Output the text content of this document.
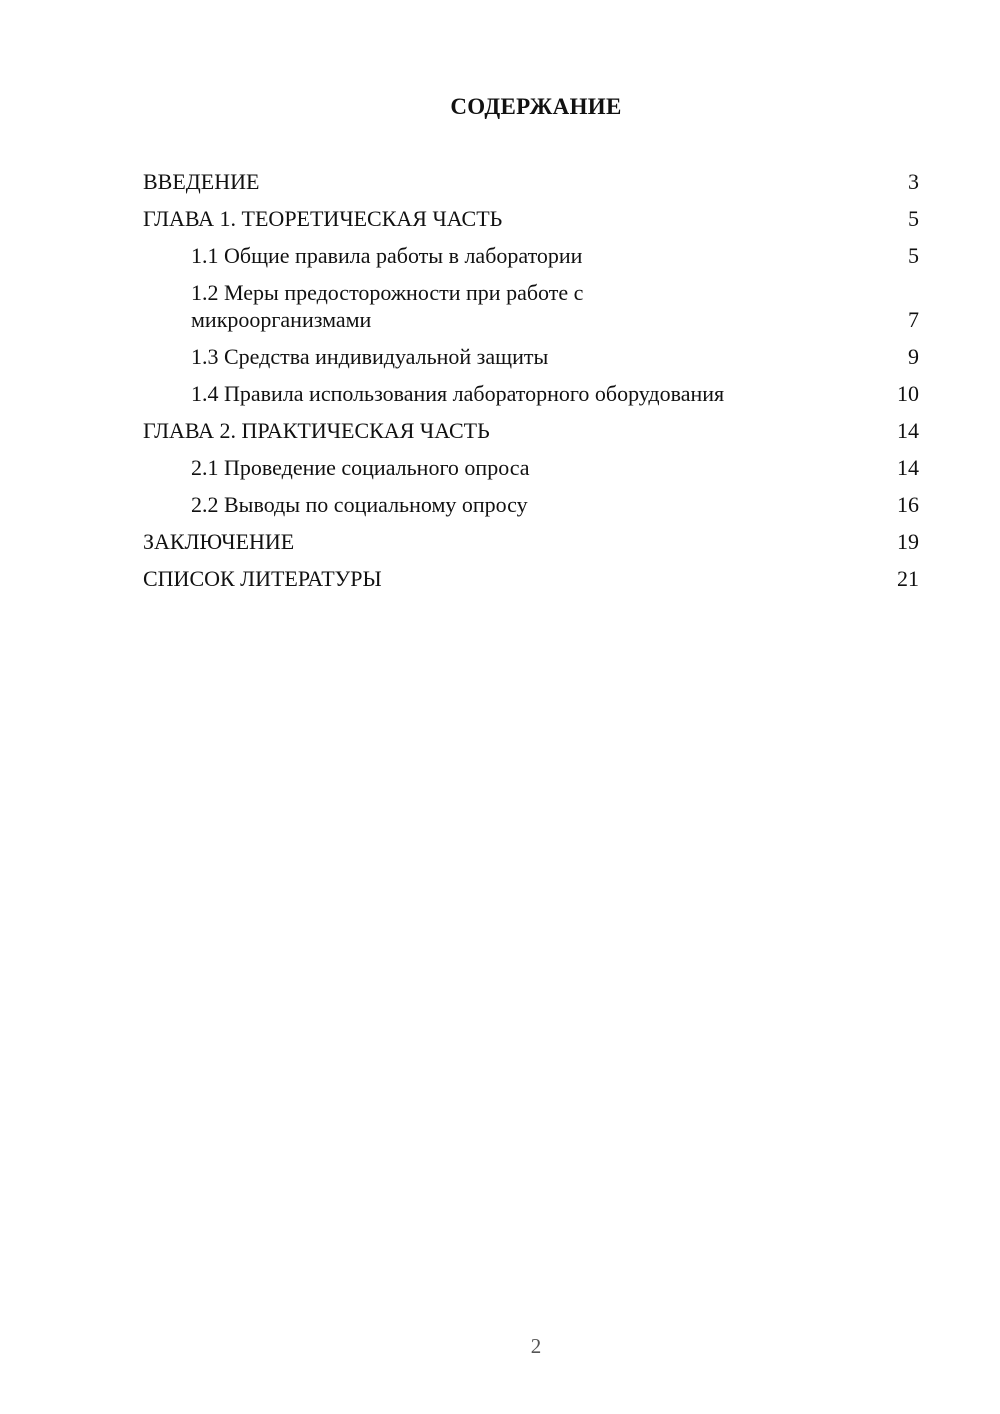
СОДЕРЖАНИЕ
ВВЕДЕНИЕ	3
ГЛАВА 1. ТЕОРЕТИЧЕСКАЯ ЧАСТЬ	5
1.1 Общие правила работы в лаборатории	5
1.2 Меры предосторожности при работе с микроорганизмами	7
1.3 Средства индивидуальной защиты	9
1.4 Правила использования лабораторного оборудования	10
ГЛАВА 2. ПРАКТИЧЕСКАЯ ЧАСТЬ	14
2.1 Проведение социального опроса	14
2.2 Выводы по социальному опросу	16
ЗАКЛЮЧЕНИЕ	19
СПИСОК ЛИТЕРАТУРЫ	21
2
